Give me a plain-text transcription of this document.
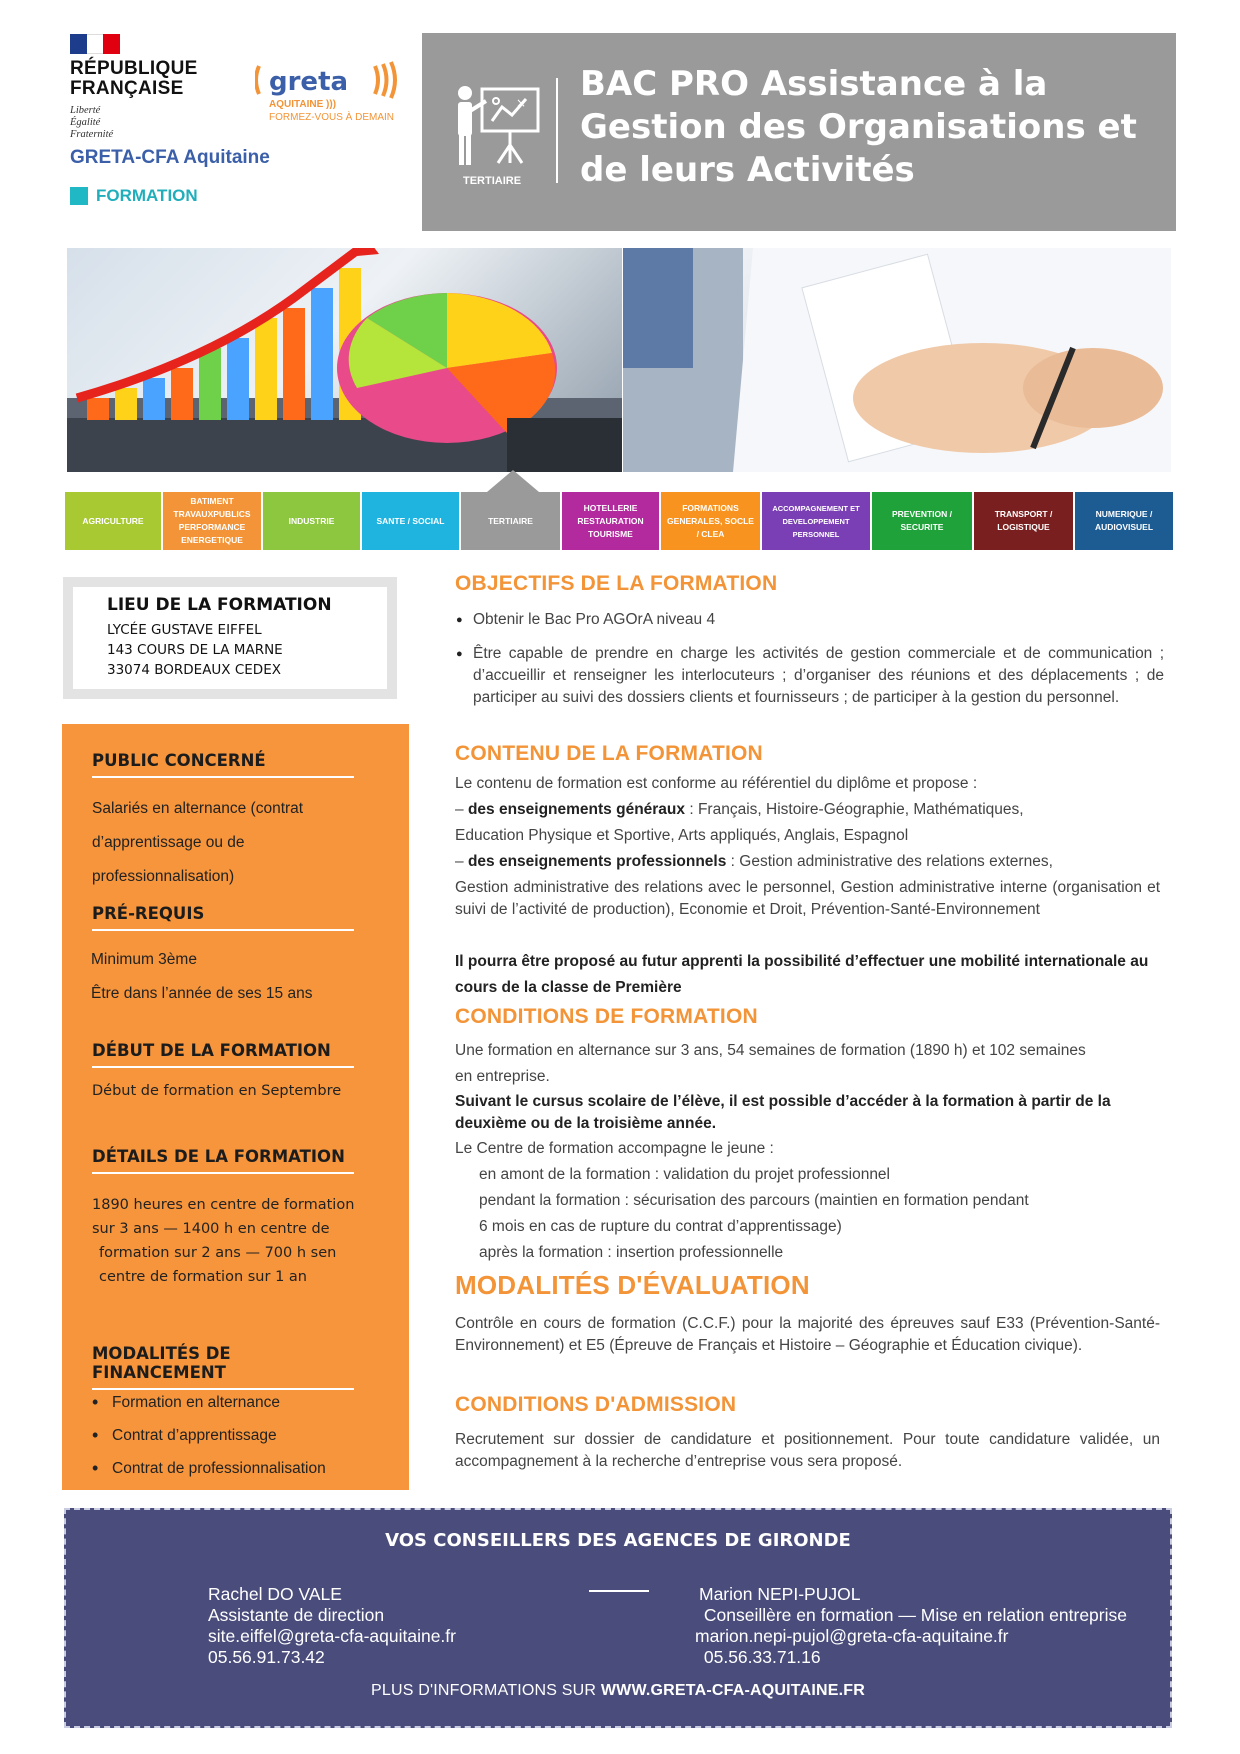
RÉPUBLIQUE
FRANÇAISE
Liberté
Égalité
Fraternité
greta
AQUITAINE )))
FORMEZ-VOUS À DEMAIN
GRETA-CFA Aquitaine
FORMATION
×
TERTIAIRE
BAC PRO Assistance à la Gestion des Organisations et de leurs Activités
AGRICULTURE
BATIMENT TRAVAUXPUBLICS PERFORMANCE ENERGETIQUE
INDUSTRIE	SANTE / SOCIAL	TERTIAIRE
HOTELLERIE RESTAURATION TOURISME
FORMATIONS GENERALES, SOCLE / CLEA
ACCOMPAGNEMENT ET DEVELOPPEMENT PERSONNEL
PREVENTION / SECURITE
TRANSPORT / LOGISTIQUE
NUMERIQUE / AUDIOVISUEL
LIEU DE LA FORMATION
LYCÉE GUSTAVE EIFFEL
143 COURS DE LA MARNE
33074 BORDEAUX CEDEX
PUBLIC CONCERNÉ
Salariés en alternance (contrat
d’apprentissage ou de
professionnalisation)
PRÉ-REQUIS
Minimum 3ème
Être dans l’année de ses 15 ans
DÉBUT DE LA FORMATION
Début de formation en Septembre
DÉTAILS DE LA FORMATION
1890 heures en centre de formation
sur 3 ans — 1400 h en centre de
formation sur 2 ans — 700 h sen
centre de formation sur 1 an
MODALITÉS DE FINANCEMENT
• Formation en alternance
• Contrat d’apprentissage
• Contrat de professionnalisation
OBJECTIFS DE LA FORMATION
● Obtenir le Bac Pro AGOrA niveau 4
● Être capable de prendre en charge les activités de gestion commerciale et de communication ; d’accueillir et renseigner les interlocuteurs ; d’organiser des réunions et des déplacements ; de participer au suivi des dossiers clients et fournisseurs ; de participer à la gestion du personnel.
CONTENU DE LA FORMATION
Le contenu de formation est conforme au référentiel du diplôme et propose :
– des enseignements généraux : Français, Histoire-Géographie, Mathématiques,
Education Physique et Sportive, Arts appliqués, Anglais, Espagnol
– des enseignements professionnels : Gestion administrative des relations externes,
Gestion administrative des relations avec le personnel, Gestion administrative interne (organisation et suivi de l’activité de production), Economie et Droit, Prévention-Santé-Environnement
Il pourra être proposé au futur apprenti la possibilité d’effectuer une mobilité internationale au cours de la classe de Première
CONDITIONS DE FORMATION
Une formation en alternance sur 3 ans, 54 semaines de formation (1890 h) et 102 semaines
en entreprise.
Suivant le cursus scolaire de l’élève, il est possible d’accéder à la formation à partir de la deuxième ou de la troisième année.
Le Centre de formation accompagne le jeune :
en amont de la formation : validation du projet professionnel
pendant la formation : sécurisation des parcours (maintien en formation pendant
6 mois en cas de rupture du contrat d’apprentissage)
après la formation : insertion professionnelle
MODALITÉS D'ÉVALUATION
Contrôle en cours de formation (C.C.F.) pour la majorité des épreuves sauf E33 (Prévention-Santé-Environnement) et E5 (Épreuve de Français et Histoire – Géographie et Éducation civique).
CONDITIONS D'ADMISSION
Recrutement sur dossier de candidature et positionnement. Pour toute candidature validée, un accompagnement à la recherche d’entreprise vous sera proposé.
VOS CONSEILLERS DES AGENCES DE GIRONDE
Rachel DO VALE
Assistante de direction
site.eiffel@greta-cfa-aquitaine.fr
05.56.91.73.42
Marion NEPI-PUJOL
Conseillère en formation — Mise en relation entreprise
marion.nepi-pujol@greta-cfa-aquitaine.fr
05.56.33.71.16
PLUS D'INFORMATIONS SUR WWW.GRETA-CFA-AQUITAINE.FR
